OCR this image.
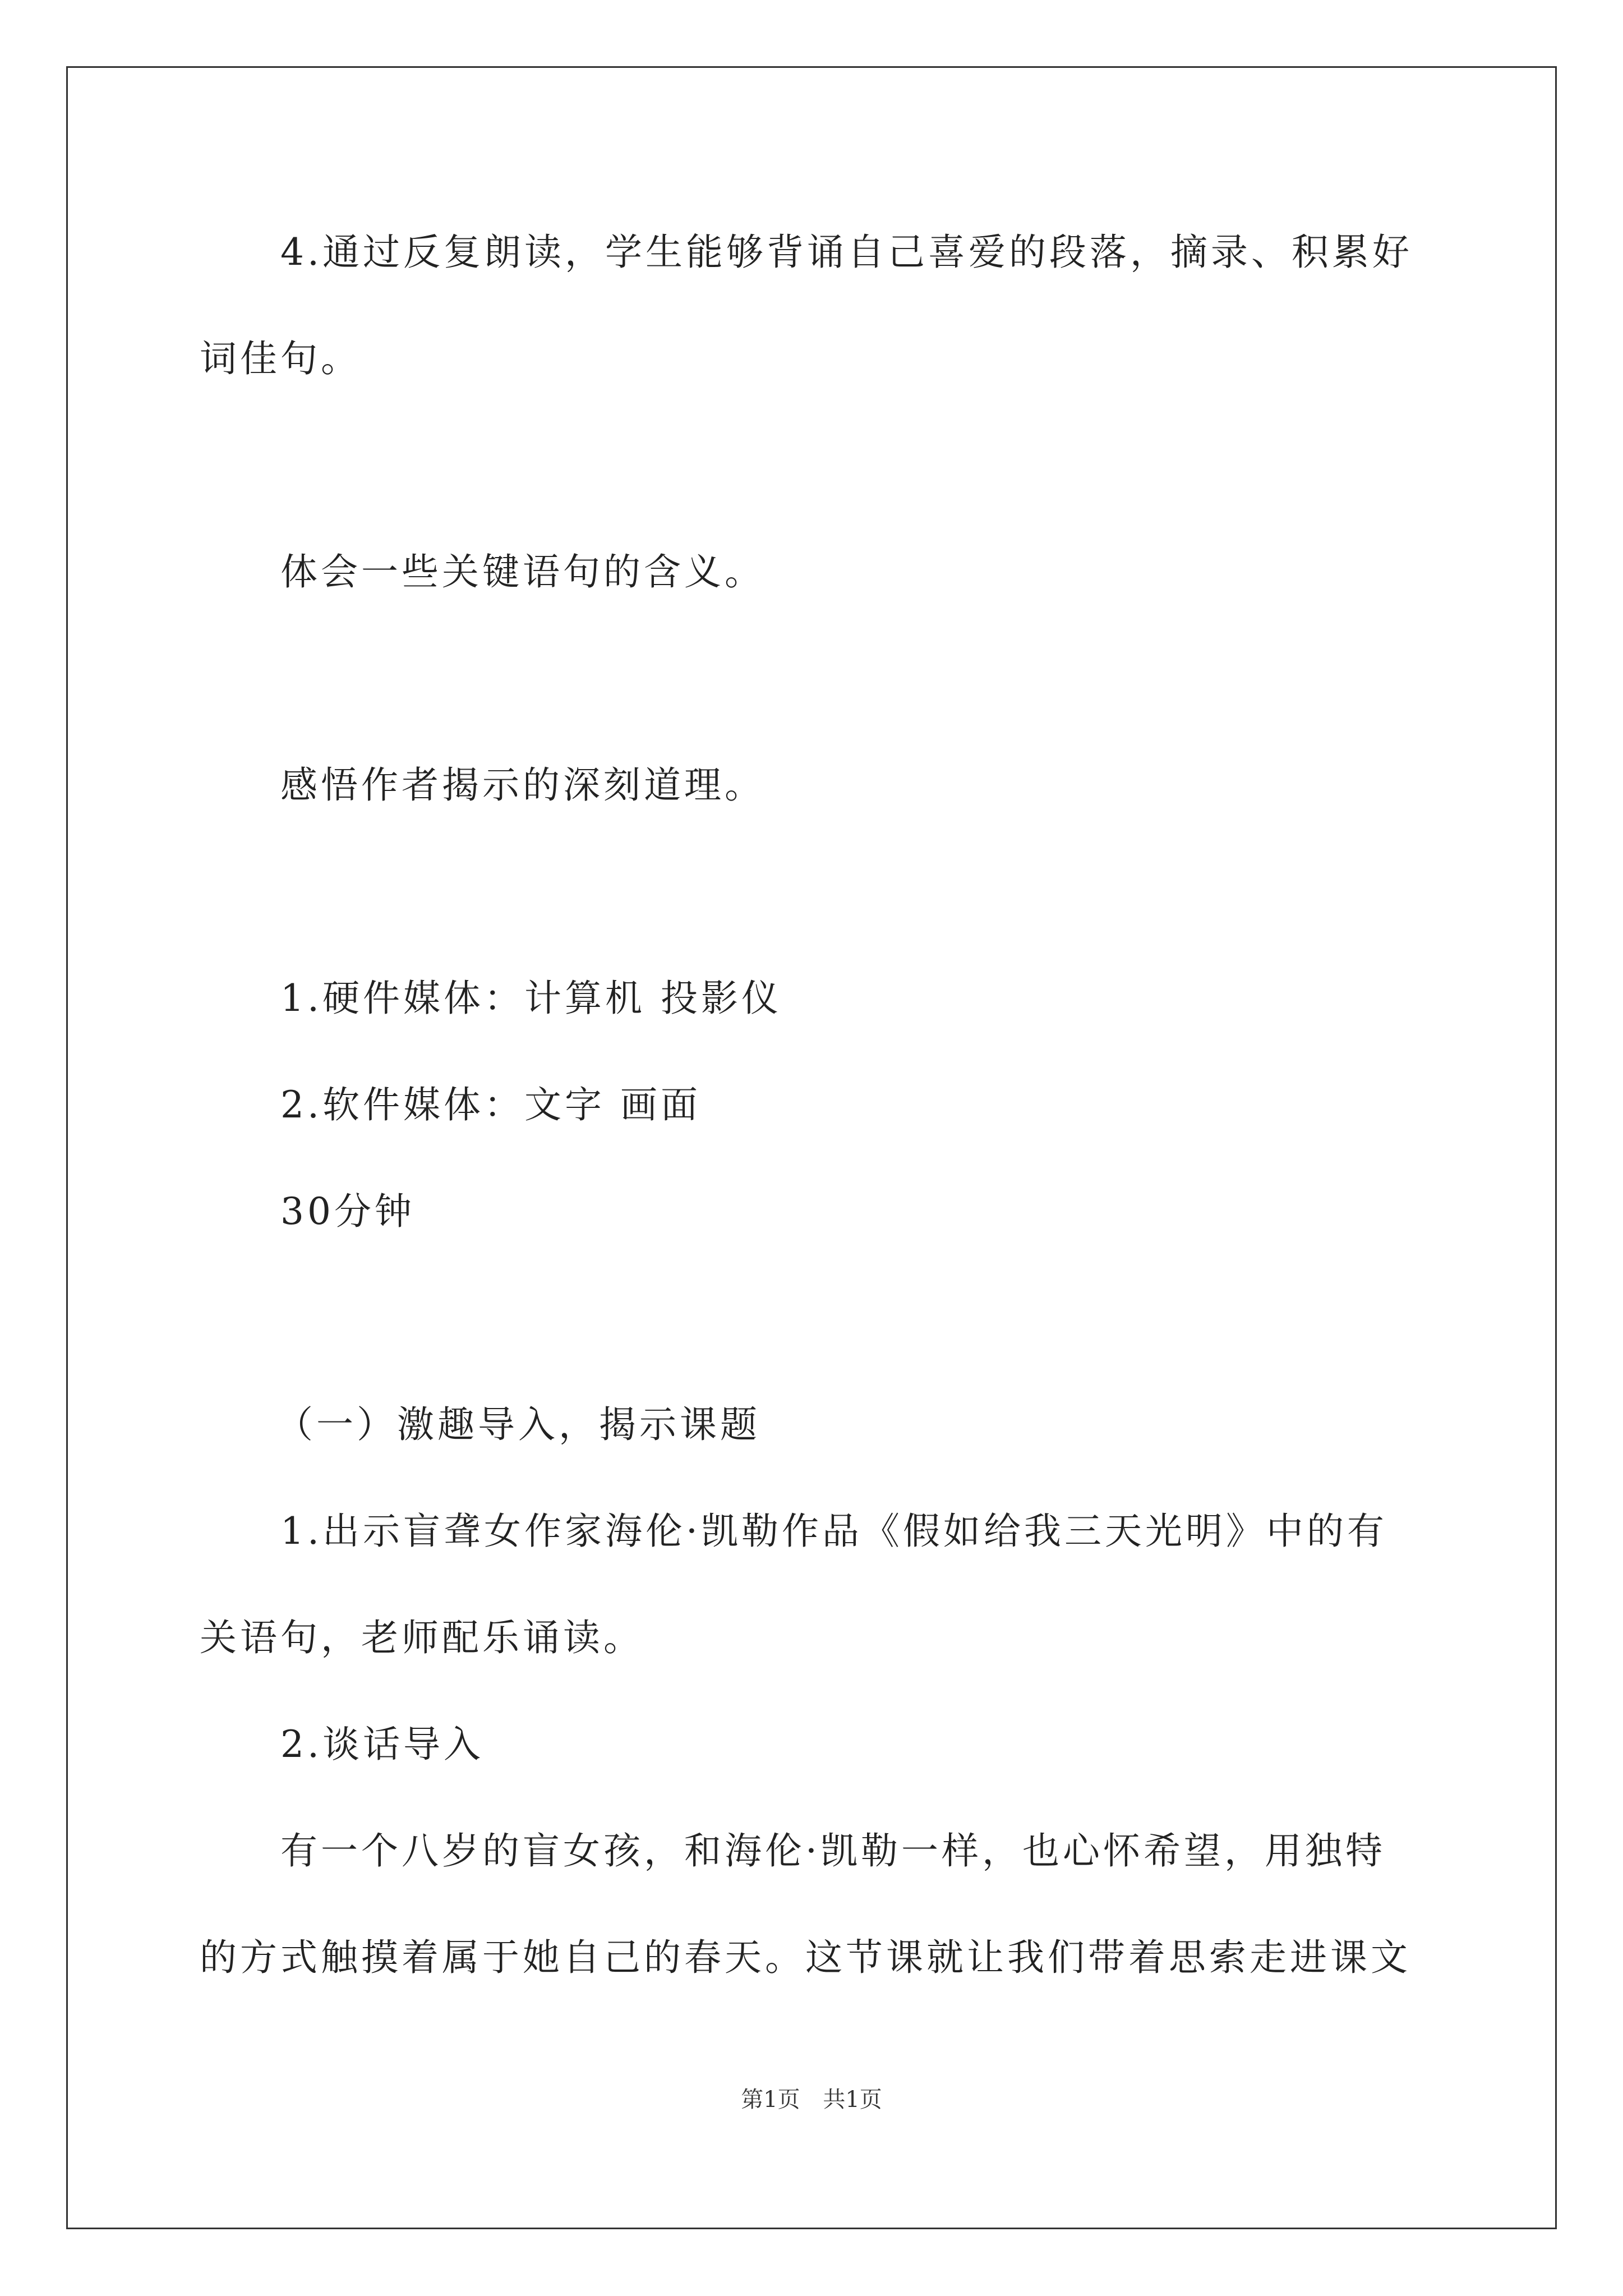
4.通过反复朗读，学生能够背诵自己喜爱的段落，摘录、积累好
词佳句。
体会一些关键语句的含义。
感悟作者揭示的深刻道理。
1.硬件媒体：计算机 投影仪
2.软件媒体：文字 画面
30分钟
（一）激趣导入，揭示课题
1.出示盲聋女作家海伦·凯勒作品《假如给我三天光明》中的有
关语句，老师配乐诵读。
2.谈话导入
有一个八岁的盲女孩，和海伦·凯勒一样，也心怀希望，用独特
的方式触摸着属于她自己的春天。这节课就让我们带着思索走进课文
第1页 共1页
